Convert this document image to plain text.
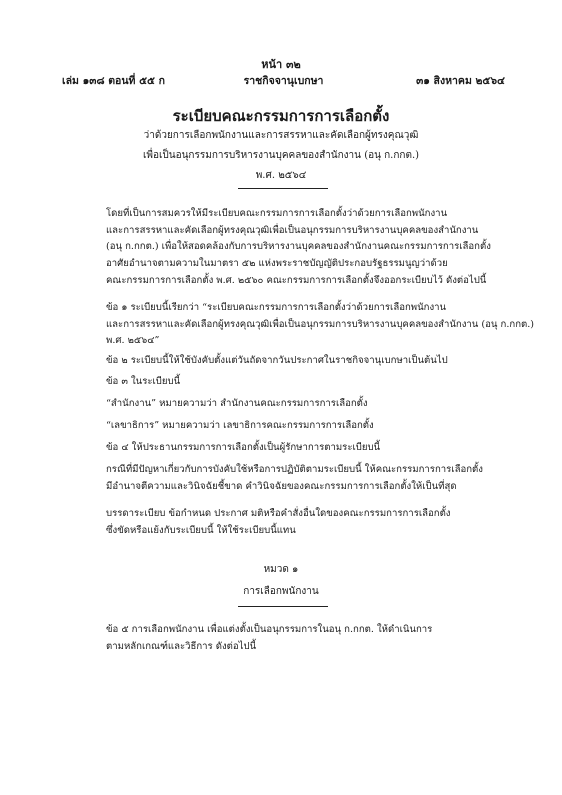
หน้า ๓๒
เล่ม ๑๓๘ ตอนที่ ๕๕ ก	ราชกิจจานุเบกษา	๓๑ สิงหาคม ๒๕๖๔
ระเบียบคณะกรรมการการเลือกตั้ง
ว่าด้วยการเลือกพนักงานและการสรรหาและคัดเลือกผู้ทรงคุณวุฒิ
เพื่อเป็นอนุกรรมการบริหารงานบุคคลของสำนักงาน (อนุ ก.กกต.)
พ.ศ. ๒๕๖๔
โดยที่เป็นการสมควรให้มีระเบียบคณะกรรมการการเลือกตั้งว่าด้วยการเลือกพนักงาน
และการสรรหาและคัดเลือกผู้ทรงคุณวุฒิเพื่อเป็นอนุกรรมการบริหารงานบุคคลของสำนักงาน
(อนุ ก.กกต.) เพื่อให้สอดคล้องกับการบริหารงานบุคคลของสำนักงานคณะกรรมการการเลือกตั้ง
อาศัยอำนาจตามความในมาตรา ๕๒ แห่งพระราชบัญญัติประกอบรัฐธรรมนูญว่าด้วย
คณะกรรมการการเลือกตั้ง พ.ศ. ๒๕๖๐ คณะกรรมการการเลือกตั้งจึงออกระเบียบไว้ ดังต่อไปนี้
ข้อ ๑ ระเบียบนี้เรียกว่า “ระเบียบคณะกรรมการการเลือกตั้งว่าด้วยการเลือกพนักงาน
และการสรรหาและคัดเลือกผู้ทรงคุณวุฒิเพื่อเป็นอนุกรรมการบริหารงานบุคคลของสำนักงาน (อนุ ก.กกต.)
พ.ศ. ๒๕๖๔”
ข้อ ๒ ระเบียบนี้ให้ใช้บังคับตั้งแต่วันถัดจากวันประกาศในราชกิจจานุเบกษาเป็นต้นไป
ข้อ ๓ ในระเบียบนี้
“สำนักงาน” หมายความว่า สำนักงานคณะกรรมการการเลือกตั้ง
“เลขาธิการ” หมายความว่า เลขาธิการคณะกรรมการการเลือกตั้ง
ข้อ ๔ ให้ประธานกรรมการการเลือกตั้งเป็นผู้รักษาการตามระเบียบนี้
กรณีที่มีปัญหาเกี่ยวกับการบังคับใช้หรือการปฏิบัติตามระเบียบนี้ ให้คณะกรรมการการเลือกตั้ง
มีอำนาจตีความและวินิจฉัยชี้ขาด คำวินิจฉัยของคณะกรรมการการเลือกตั้งให้เป็นที่สุด
บรรดาระเบียบ ข้อกำหนด ประกาศ มติหรือคำสั่งอื่นใดของคณะกรรมการการเลือกตั้ง
ซึ่งขัดหรือแย้งกับระเบียบนี้ ให้ใช้ระเบียบนี้แทน
หมวด ๑
การเลือกพนักงาน
ข้อ ๕ การเลือกพนักงาน เพื่อแต่งตั้งเป็นอนุกรรมการในอนุ ก.กกต. ให้ดำเนินการ
ตามหลักเกณฑ์และวิธีการ ดังต่อไปนี้
